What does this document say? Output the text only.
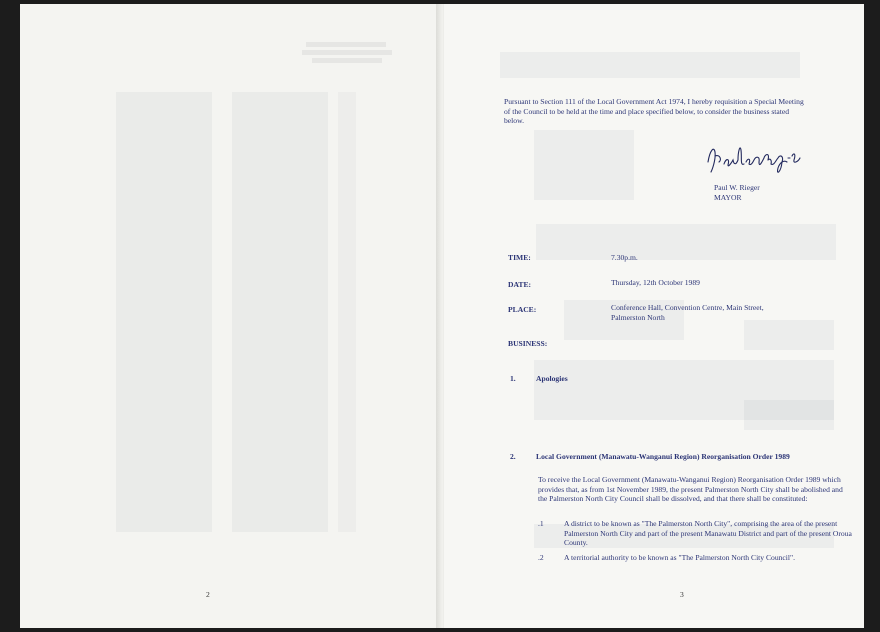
2
Pursuant to Section 111 of the Local Government Act 1974, I hereby requisition a Special Meeting of the Council to be held at the time and place specified below, to consider the business stated below.
Paul W. Rieger
MAYOR
TIME:	7.30p.m.
DATE:	Thursday, 12th October 1989
PLACE:	Conference Hall, Convention Centre, Main Street,
Palmerston North
BUSINESS:
1.	Apologies
2.	Local Government (Manawatu-Wanganui Region) Reorganisation Order 1989
To receive the Local Government (Manawatu-Wanganui Region) Reorganisation Order 1989 which provides that, as from 1st November 1989, the present Palmerston North City shall be abolished and the Palmerston North City Council shall be dissolved, and that there shall be constituted:
.1	A district to be known as "The Palmerston North City", comprising the area of the present Palmerston North City and part of the present Manawatu District and part of the present Oroua County.
.2	A territorial authority to be known as "The Palmerston North City Council".
3
